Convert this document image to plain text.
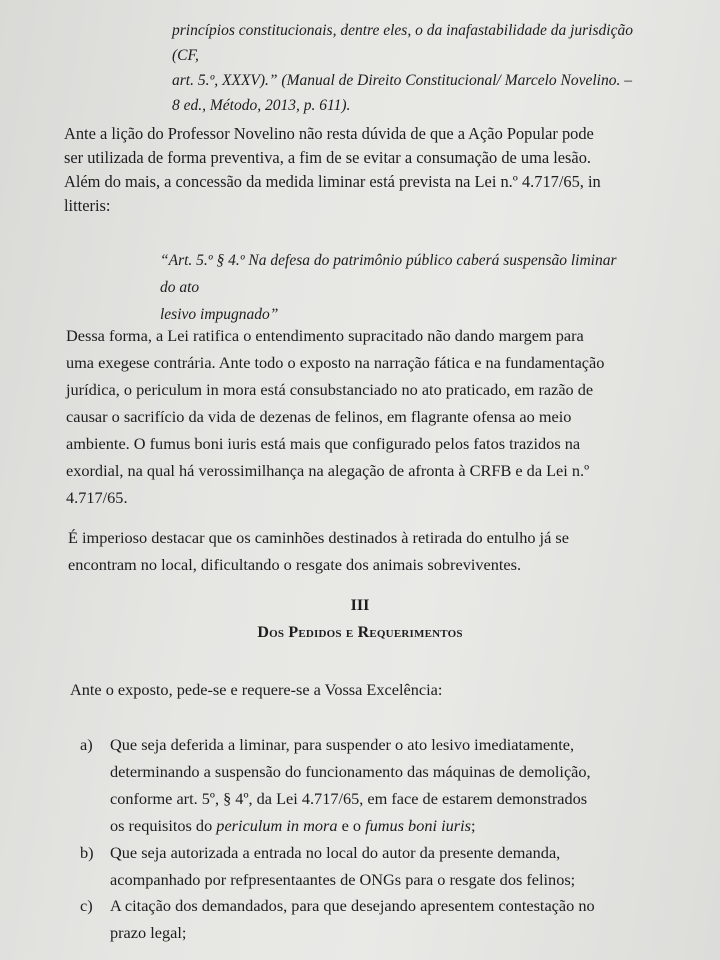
princípios constitucionais, dentre eles, o da inafastabilidade da jurisdição (CF,
art. 5.º, XXXV).” (Manual de Direito Constitucional/ Marcelo Novelino. –
8 ed., Método, 2013, p. 611).
Ante a lição do Professor Novelino não resta dúvida de que a Ação Popular pode
ser utilizada de forma preventiva, a fim de se evitar a consumação de uma lesão.
Além do mais, a concessão da medida liminar está prevista na Lei n.º 4.717/65, in
litteris:
“Art. 5.º § 4.º Na defesa do patrimônio público caberá suspensão liminar do ato
lesivo impugnado”
Dessa forma, a Lei ratifica o entendimento supracitado não dando margem para
uma exegese contrária. Ante todo o exposto na narração fática e na fundamentação
jurídica, o periculum in mora está consubstanciado no ato praticado, em razão de
causar o sacrifício da vida de dezenas de felinos, em flagrante ofensa ao meio
ambiente. O fumus boni iuris está mais que configurado pelos fatos trazidos na
exordial, na qual há verossimilhança na alegação de afronta à CRFB e da Lei n.º
4.717/65.
É imperioso destacar que os caminhões destinados à retirada do entulho já se
encontram no local, dificultando o resgate dos animais sobreviventes.
III
Dos Pedidos e Requerimentos
Ante o exposto, pede-se e requere-se a Vossa Excelência:
a)	Que seja deferida a liminar, para suspender o ato lesivo imediatamente,
determinando a suspensão do funcionamento das máquinas de demolição,
conforme art. 5º, § 4º, da Lei 4.717/65, em face de estarem demonstrados
os requisitos do periculum in mora e o fumus boni iuris;
b)	Que seja autorizada a entrada no local do autor da presente demanda,
acompanhado por refpresentaantes de ONGs para o resgate dos felinos;
c)	A citação dos demandados, para que desejando apresentem contestação no
prazo legal;
